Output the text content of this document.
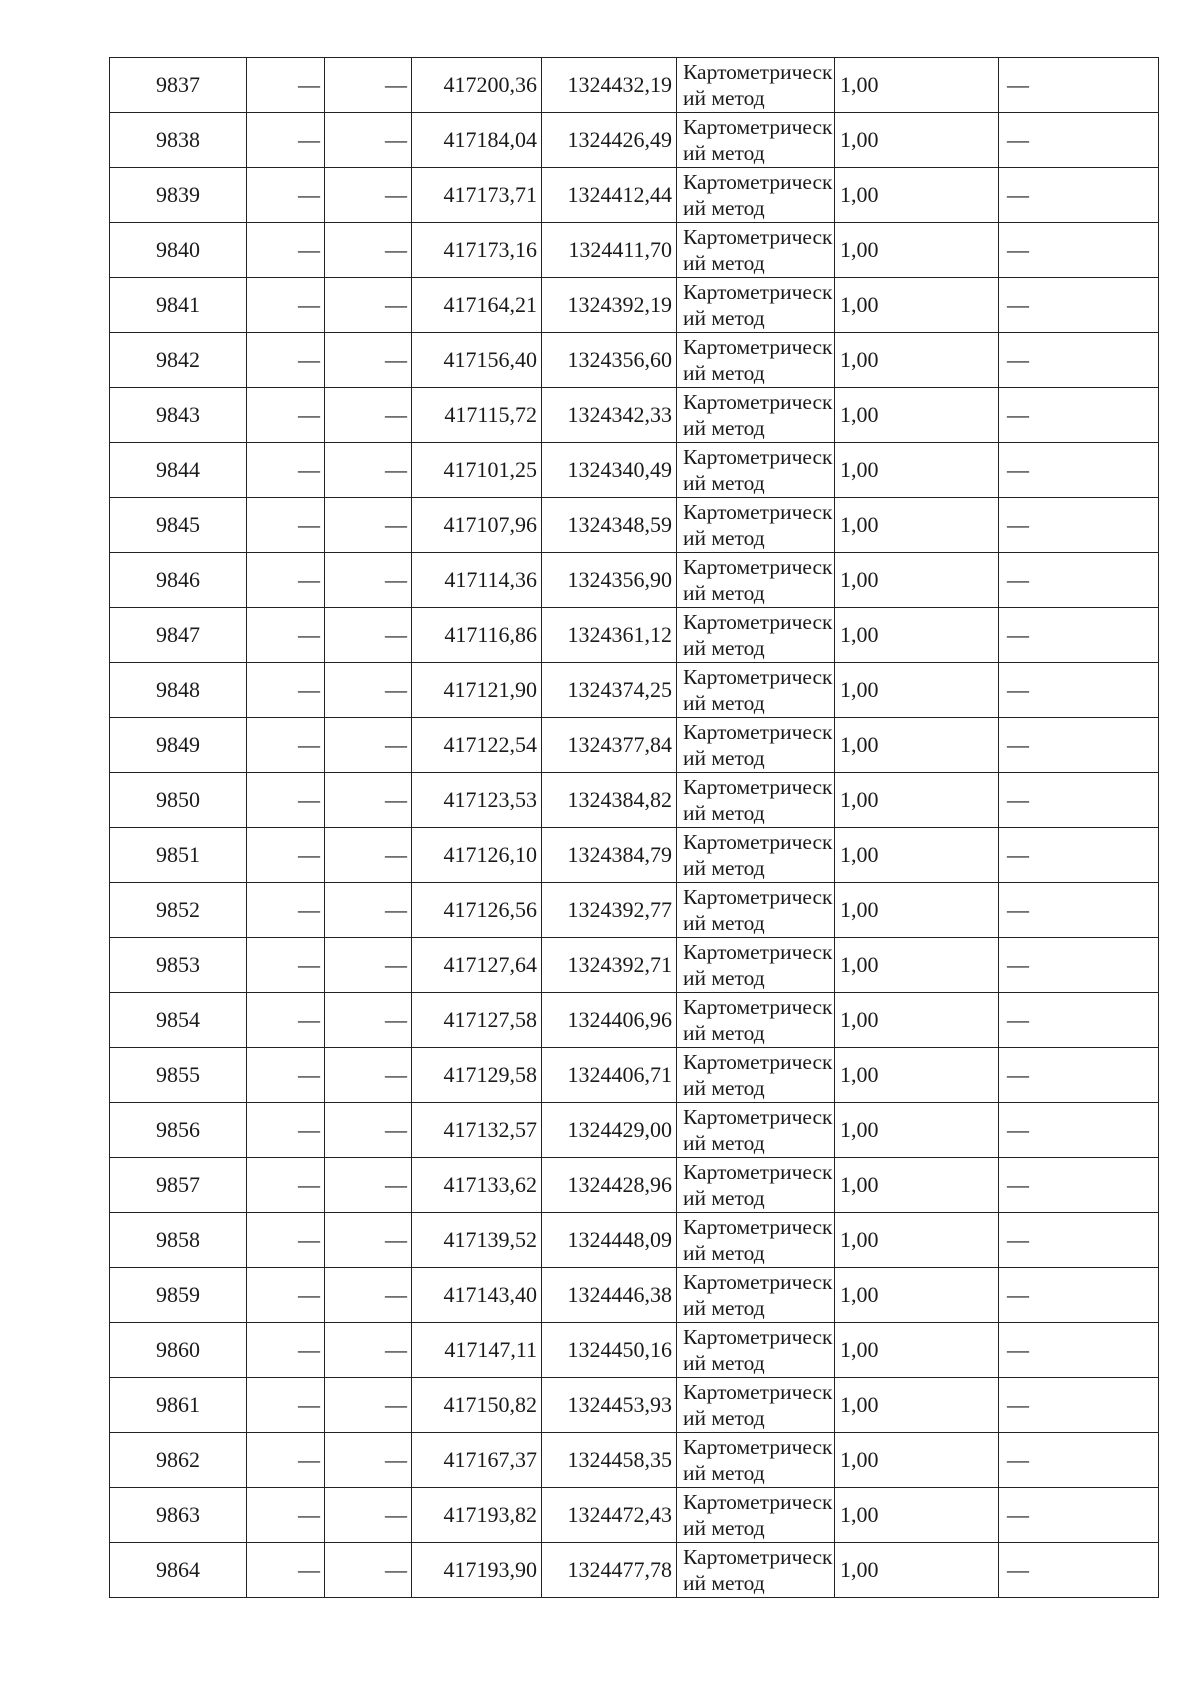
9837	—	—	417200,36	1324432,19	Картометрический метод	1,00	—
9838	—	—	417184,04	1324426,49	Картометрический метод	1,00	—
9839	—	—	417173,71	1324412,44	Картометрический метод	1,00	—
9840	—	—	417173,16	1324411,70	Картометрический метод	1,00	—
9841	—	—	417164,21	1324392,19	Картометрический метод	1,00	—
9842	—	—	417156,40	1324356,60	Картометрический метод	1,00	—
9843	—	—	417115,72	1324342,33	Картометрический метод	1,00	—
9844	—	—	417101,25	1324340,49	Картометрический метод	1,00	—
9845	—	—	417107,96	1324348,59	Картометрический метод	1,00	—
9846	—	—	417114,36	1324356,90	Картометрический метод	1,00	—
9847	—	—	417116,86	1324361,12	Картометрический метод	1,00	—
9848	—	—	417121,90	1324374,25	Картометрический метод	1,00	—
9849	—	—	417122,54	1324377,84	Картометрический метод	1,00	—
9850	—	—	417123,53	1324384,82	Картометрический метод	1,00	—
9851	—	—	417126,10	1324384,79	Картометрический метод	1,00	—
9852	—	—	417126,56	1324392,77	Картометрический метод	1,00	—
9853	—	—	417127,64	1324392,71	Картометрический метод	1,00	—
9854	—	—	417127,58	1324406,96	Картометрический метод	1,00	—
9855	—	—	417129,58	1324406,71	Картометрический метод	1,00	—
9856	—	—	417132,57	1324429,00	Картометрический метод	1,00	—
9857	—	—	417133,62	1324428,96	Картометрический метод	1,00	—
9858	—	—	417139,52	1324448,09	Картометрический метод	1,00	—
9859	—	—	417143,40	1324446,38	Картометрический метод	1,00	—
9860	—	—	417147,11	1324450,16	Картометрический метод	1,00	—
9861	—	—	417150,82	1324453,93	Картометрический метод	1,00	—
9862	—	—	417167,37	1324458,35	Картометрический метод	1,00	—
9863	—	—	417193,82	1324472,43	Картометрический метод	1,00	—
9864	—	—	417193,90	1324477,78	Картометрический метод	1,00	—
